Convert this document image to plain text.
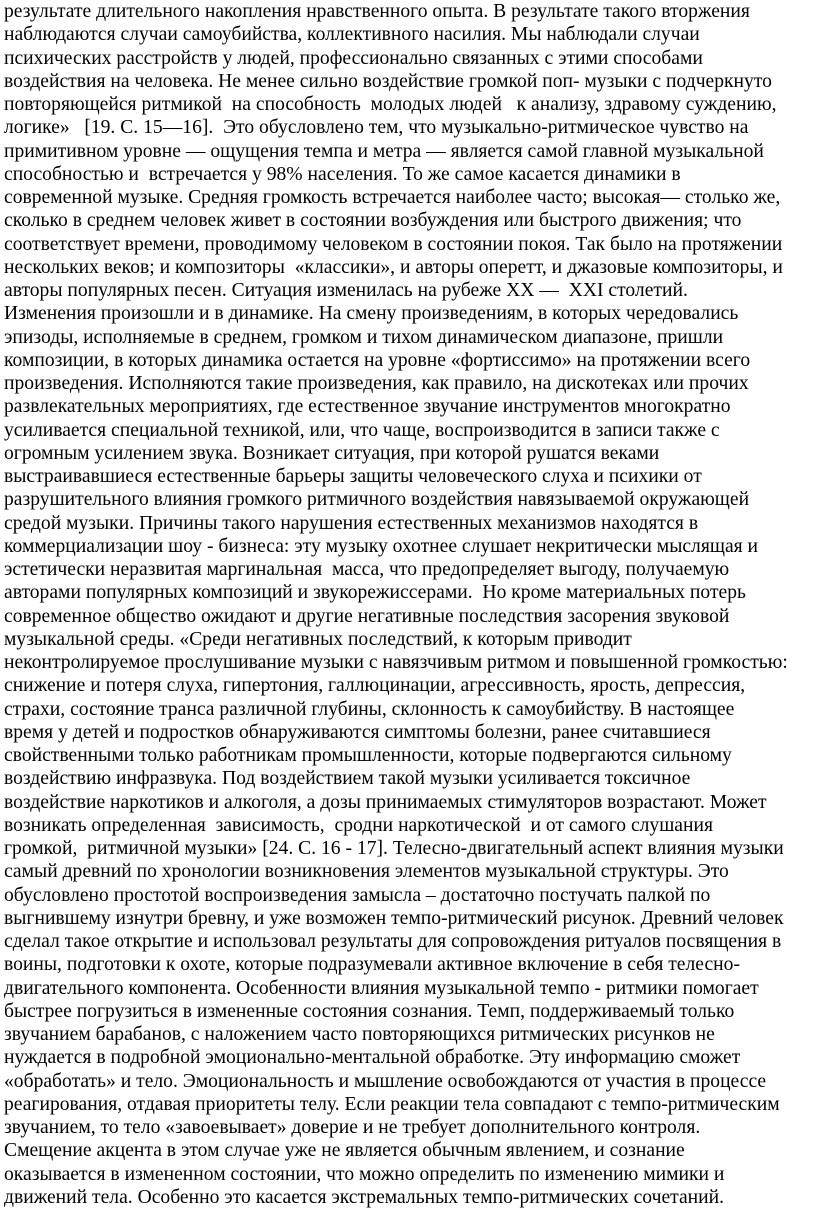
результате длительного накопления нравственного опыта. В результате такого вторжения

наблюдаются случаи самоубийства, коллективного насилия. Мы наблюдали случаи

психических расстройств у людей, профессионально связанных с этими способами

воздействия на человека. Не менее сильно воздействие громкой поп- музыки с подчеркнуто

повторяющейся ритмикой  на способность  молодых людей   к анализу, здравому суждению,

логике»   [19. С. 15—16].  Это обусловлено тем, что музыкально-ритмическое чувство на

примитивном уровне — ощущения темпа и метра — является самой главной музыкальной

способностью и  встречается у 98% населения. То же самое касается динамики в

современной музыке. Средняя громкость встречается наиболее часто; высокая— столько же,

сколько в среднем человек живет в состоянии возбуждения или быстрого движения; что

соответствует времени, проводимому человеком в состоянии покоя. Так было на протяжении

нескольких веков; и композиторы  «классики», и авторы оперетт, и джазовые композиторы, и

авторы популярных песен. Ситуация изменилась на рубеже XX —  XXI столетий.

Изменения произошли и в динамике. На смену произведениям, в которых чередовались

эпизоды, исполняемые в среднем, громком и тихом динамическом диапазоне, пришли

композиции, в которых динамика остается на уровне «фортиссимо» на протяжении всего

произведения. Исполняются такие произведения, как правило, на дискотеках или прочих

развлекательных мероприятиях, где естественное звучание инструментов многократно

усиливается специальной техникой, или, что чаще, воспроизводится в записи также с

огромным усилением звука. Возникает ситуация, при которой рушатся веками

выстраивавшиеся естественные барьеры защиты человеческого слуха и психики от

разрушительного влияния громкого ритмичного воздействия навязываемой окружающей

средой музыки. Причины такого нарушения естественных механизмов находятся в

коммерциализации шоу - бизнеса: эту музыку охотнее слушает некритически мыслящая и

эстетически неразвитая маргинальная  масса, что предопределяет выгоду, получаемую

авторами популярных композиций и звукорежиссерами.  Но кроме материальных потерь

современное общество ожидают и другие негативные последствия засорения звуковой

музыкальной среды. «Среди негативных последствий, к которым приводит

неконтролируемое прослушивание музыки с навязчивым ритмом и повышенной громкостью:

снижение и потеря слуха, гипертония, галлюцинации, агрессивность, ярость, депрессия,

страхи, состояние транса различной глубины, склонность к самоубийству. В настоящее

время у детей и подростков обнаруживаются симптомы болезни, ранее считавшиеся

свойственными только работникам промышленности, которые подвергаются сильному

воздействию инфразвука. Под воздействием такой музыки усиливается токсичное

воздействие наркотиков и алкоголя, а дозы принимаемых стимуляторов возрастают. Может

возникать определенная  зависимость,  сродни наркотической  и от самого слушания

громкой,  ритмичной музыки» [24. С. 16 - 17]. Телесно-двигательный аспект влияния музыки

самый древний по хронологии возникновения элементов музыкальной структуры. Это

обусловлено простотой воспроизведения замысла – достаточно постучать палкой по

выгнившему изнутри бревну, и уже возможен темпо-ритмический рисунок. Древний человек

сделал такое открытие и использовал результаты для сопровождения ритуалов посвящения в

воины, подготовки к охоте, которые подразумевали активное включение в себя телесно-

двигательного компонента. Особенности влияния музыкальной темпо - ритмики помогает

быстрее погрузиться в измененные состояния сознания. Темп, поддерживаемый только

звучанием барабанов, с наложением часто повторяющихся ритмических рисунков не

нуждается в подробной эмоционально-ментальной обработке. Эту информацию сможет

«обработать» и тело. Эмоциональность и мышление освобождаются от участия в процессе

реагирования, отдавая приоритеты телу. Если реакции тела совпадают с темпо-ритмическим

звучанием, то тело «завоевывает» доверие и не требует дополнительного контроля.

Смещение акцента в этом случае уже не является обычным явлением, и сознание

оказывается в измененном состоянии, что можно определить по изменению мимики и

движений тела. Особенно это касается экстремальных темпо-ритмических сочетаний.
